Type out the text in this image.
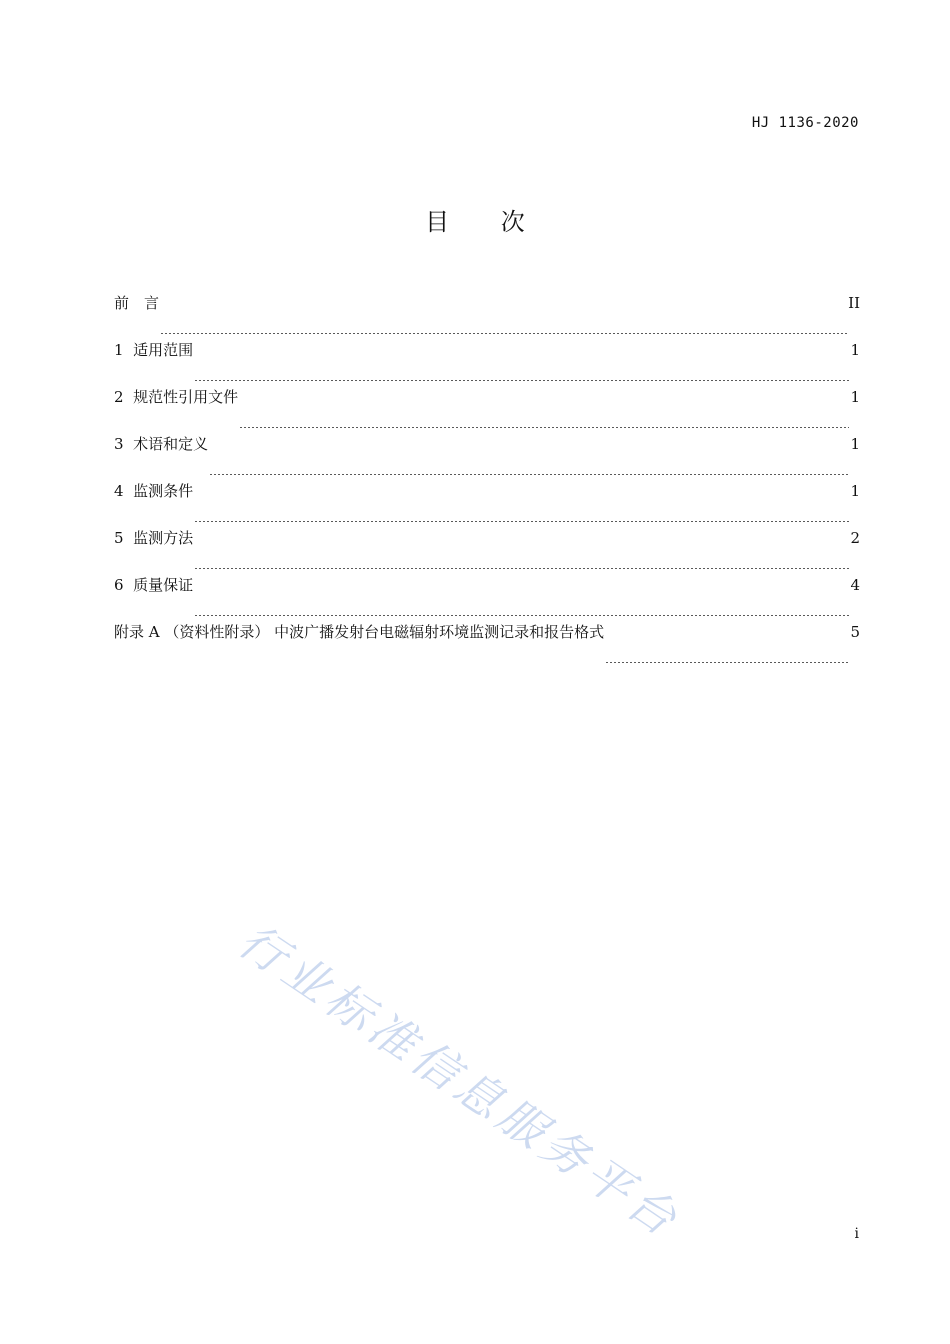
HJ 1136-2020
目 次
前　言	II
1  适用范围	1
2  规范性引用文件	1
3  术语和定义	1
4  监测条件	1
5  监测方法	2
6  质量保证	4
附录 A （资料性附录） 中波广播发射台电磁辐射环境监测记录和报告格式	5
行业标准信息服务平台	i
